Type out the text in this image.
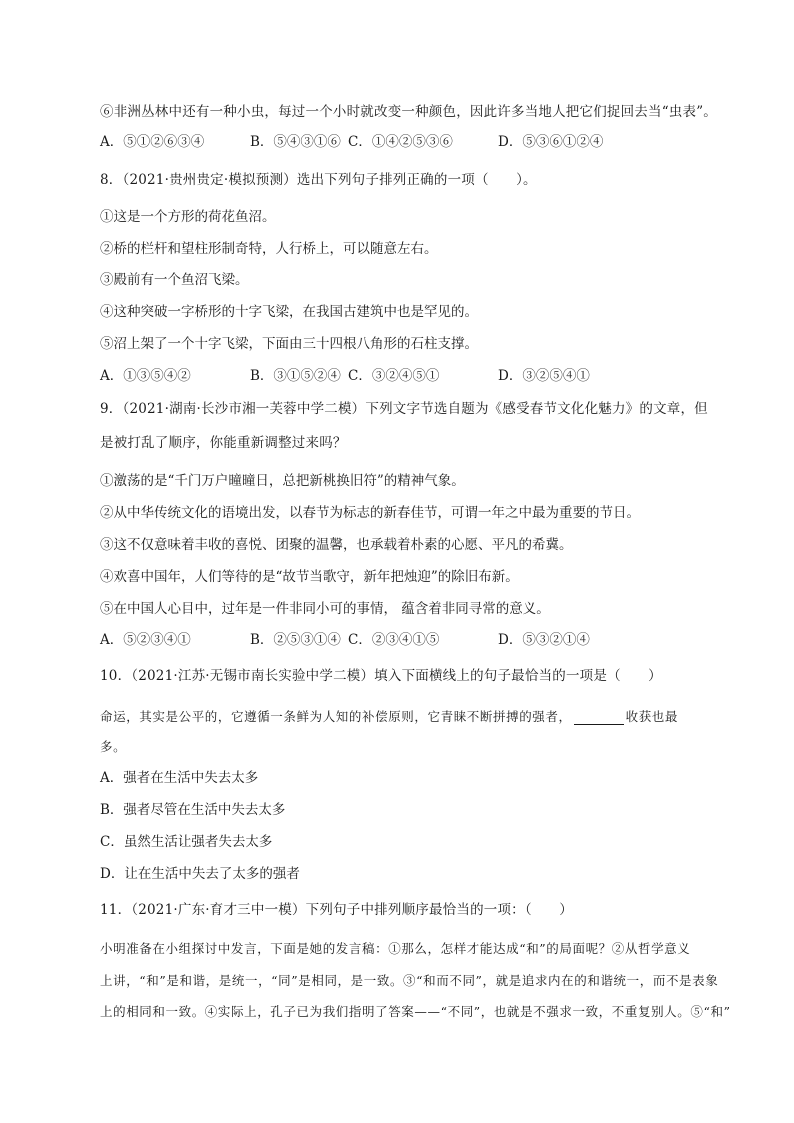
⑥非洲丛林中还有一种小虫，每过一个小时就改变一种颜色，因此许多当地人把它们捉回去当“虫表”。
A．⑤①②⑥③④	B．⑤④③①⑥ C．①④②⑤③⑥	D．⑤③⑥①②④
8．（2021·贵州贵定·模拟预测）选出下列句子排列正确的一项（　　）。
①这是一个方形的荷花鱼沼。
②桥的栏杆和望柱形制奇特，人行桥上，可以随意左右。
③殿前有一个鱼沼飞梁。
④这种突破一字桥形的十字飞梁，在我国古建筑中也是罕见的。
⑤沼上架了一个十字飞梁，下面由三十四根八角形的石柱支撑。
A．①③⑤④②	B．③①⑤②④ C．③②④⑤①	D．③②⑤④①
9．（2021·湖南·长沙市湘一芙蓉中学二模）下列文字节选自题为《感受春节文化化魅力》的文章，但
是被打乱了顺序，你能重新调整过来吗？
①激荡的是“千门万户曈曈日，总把新桃换旧符”的精神气象。
②从中华传统文化的语境出发，以春节为标志的新春佳节，可谓一年之中最为重要的节日。
③这不仅意味着丰收的喜悦、团聚的温馨，也承载着朴素的心愿、平凡的希冀。
④欢喜中国年，人们等待的是“故节当歌守，新年把烛迎”的除旧布新。
⑤在中国人心目中，过年是一件非同小可的事情， 蕴含着非同寻常的意义。
A．⑤②③④①	B．②⑤③①④ C．②③④①⑤	D．⑤③②①④
10．（2021·江苏·无锡市南长实验中学二模）填入下面横线上的句子最恰当的一项是（　　）
命运，其实是公平的，它遵循一条鲜为人知的补偿原则，它青睐不断拼搏的强者，	收获也最
多。
A．强者在生活中失去太多
B．强者尽管在生活中失去太多
C．虽然生活让强者失去太多
D．让在生活中失去了太多的强者
11．（2021·广东·育才三中一模）下列句子中排列顺序最恰当的一项：（　　）
小明准备在小组探讨中发言，下面是她的发言稿：①那么，怎样才能达成“和”的局面呢？②从哲学意义
上讲，“和”是和谐，是统一，“同”是相同，是一致。③“和而不同”，就是追求内在的和谐统一，而不是表象
上的相同和一致。④实际上，孔子已为我们指明了答案——“不同”，也就是不强求一致，不重复别人。⑤“和”
